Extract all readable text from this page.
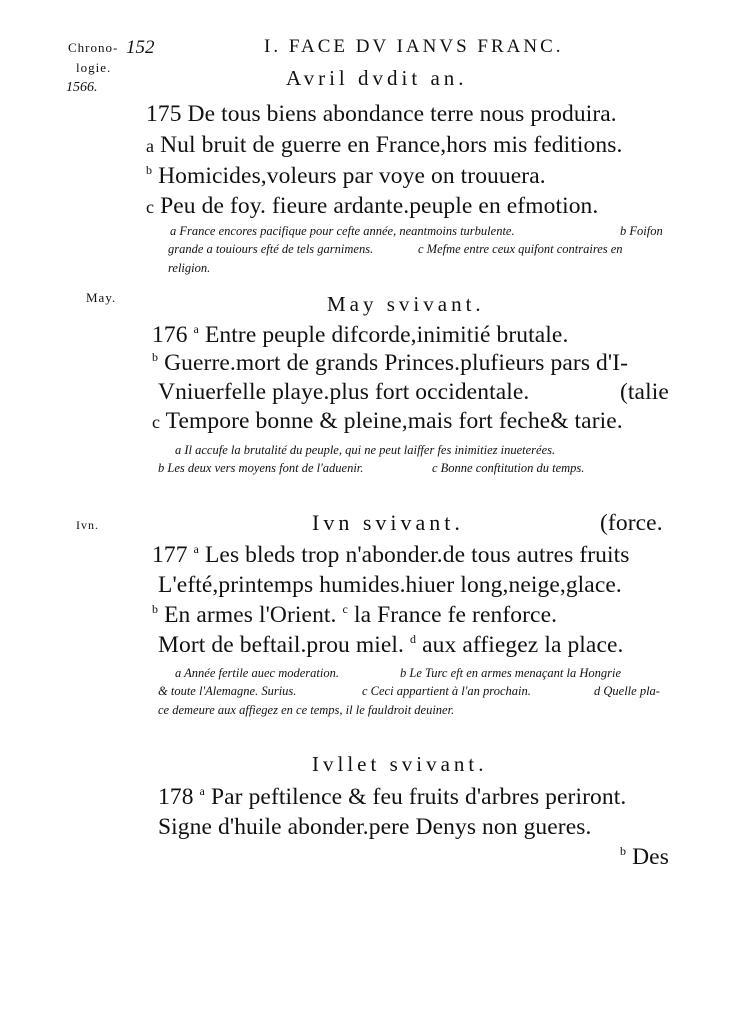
Chrono-
logie.
1566.
May.
Ivn.
152	I. FACE DV IANVS FRANC.
Avril dvdit an.
175 De tous biens abondance terre nous produira.
a Nul bruit de guerre en France,hors mis feditions.
$^b$ Homicides,voleurs par voye on trouuera.
c Peu de foy. fieure ardante.peuple en efmotion.
a France encores pacifique pour cefte année, neantmoins turbulente.	b Foifon
grande a touiours efté de tels garnimens.	c Mefme entre ceux quifont contraires en
religion.
May svivant.
176 $^a$ Entre peuple difcorde,inimitié brutale.
$^b$ Guerre.mort de grands Princes.plufieurs pars d'I-
Vniuerfelle playe.plus fort occidentale.	(talie
c Tempore bonne & pleine,mais fort feche& tarie.
a Il accufe la brutalité du peuple, qui ne peut laiffer fes inimitiez inueterées.
b Les deux vers moyens font de l'aduenir.	c Bonne conftitution du temps.
Ivn svivant.	(force.
177 $^a$ Les bleds trop n'abonder.de tous autres fruits
L'efté,printemps humides.hiuer long,neige,glace.
$^b$ En armes l'Orient. $^c$ la France fe renforce.
Mort de beftail.prou miel. $^d$ aux affiegez la place.
a Année fertile auec moderation.	b Le Turc eft en armes menaçant la Hongrie
& toute l'Alemagne. Surius.	c Ceci appartient à l'an prochain.	d Quelle pla-
ce demeure aux affiegez en ce temps, il le fauldroit deuiner.
Ivllet svivant.
178 $^a$ Par peftilence & feu fruits d'arbres periront.
Signe d'huile abonder.pere Denys non gueres.
$^b$ Des
